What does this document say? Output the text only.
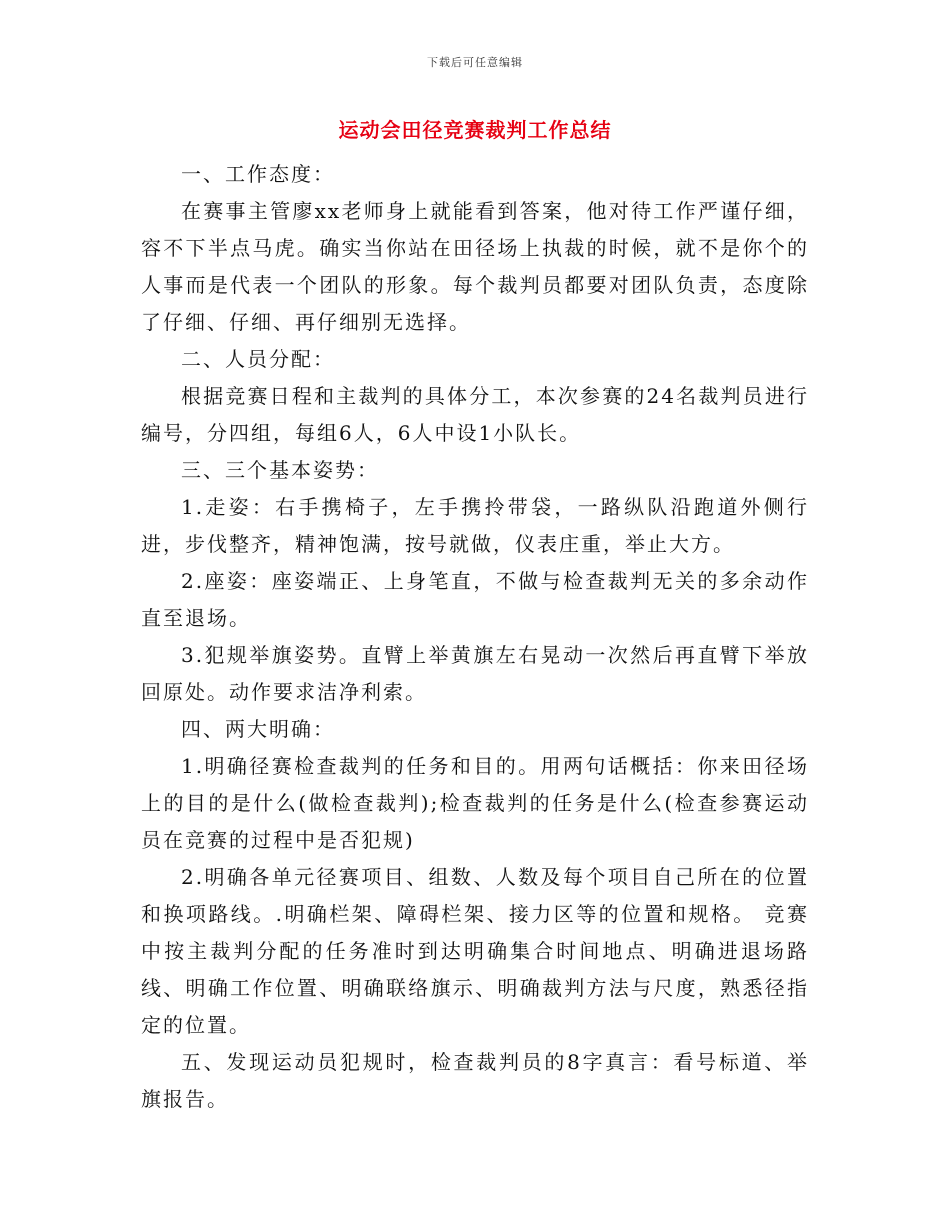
下载后可任意编辑
运动会田径竞赛裁判工作总结

一、工作态度：

在赛事主管廖xx老师身上就能看到答案，他对待工作严谨仔细，容不下半点马虎。确实当你站在田径场上执裁的时候，就不是你个的人事而是代表一个团队的形象。每个裁判员都要对团队负责，态度除了仔细、仔细、再仔细别无选择。

二、人员分配：

根据竞赛日程和主裁判的具体分工，本次参赛的24名裁判员进行编号，分四组，每组6人，6人中设1小队长。

三、三个基本姿势：

1.走姿：右手携椅子，左手携拎带袋，一路纵队沿跑道外侧行进，步伐整齐，精神饱满，按号就做，仪表庄重，举止大方。

2.座姿：座姿端正、上身笔直，不做与检查裁判无关的多余动作直至退场。

3.犯规举旗姿势。直臂上举黄旗左右晃动一次然后再直臂下举放回原处。动作要求洁净利索。

四、两大明确：

1.明确径赛检查裁判的任务和目的。用两句话概括：你来田径场上的目的是什么(做检查裁判);检查裁判的任务是什么(检查参赛运动员在竞赛的过程中是否犯规)

2.明确各单元径赛项目、组数、人数及每个项目自己所在的位置和换项路线。.明确栏架、障碍栏架、接力区等的位置和规格。 竞赛中按主裁判分配的任务准时到达明确集合时间地点、明确进退场路线、明确工作位置、明确联络旗示、明确裁判方法与尺度，熟悉径指定的位置。

五、发现运动员犯规时，检查裁判员的8字真言：看号标道、举旗报告。
